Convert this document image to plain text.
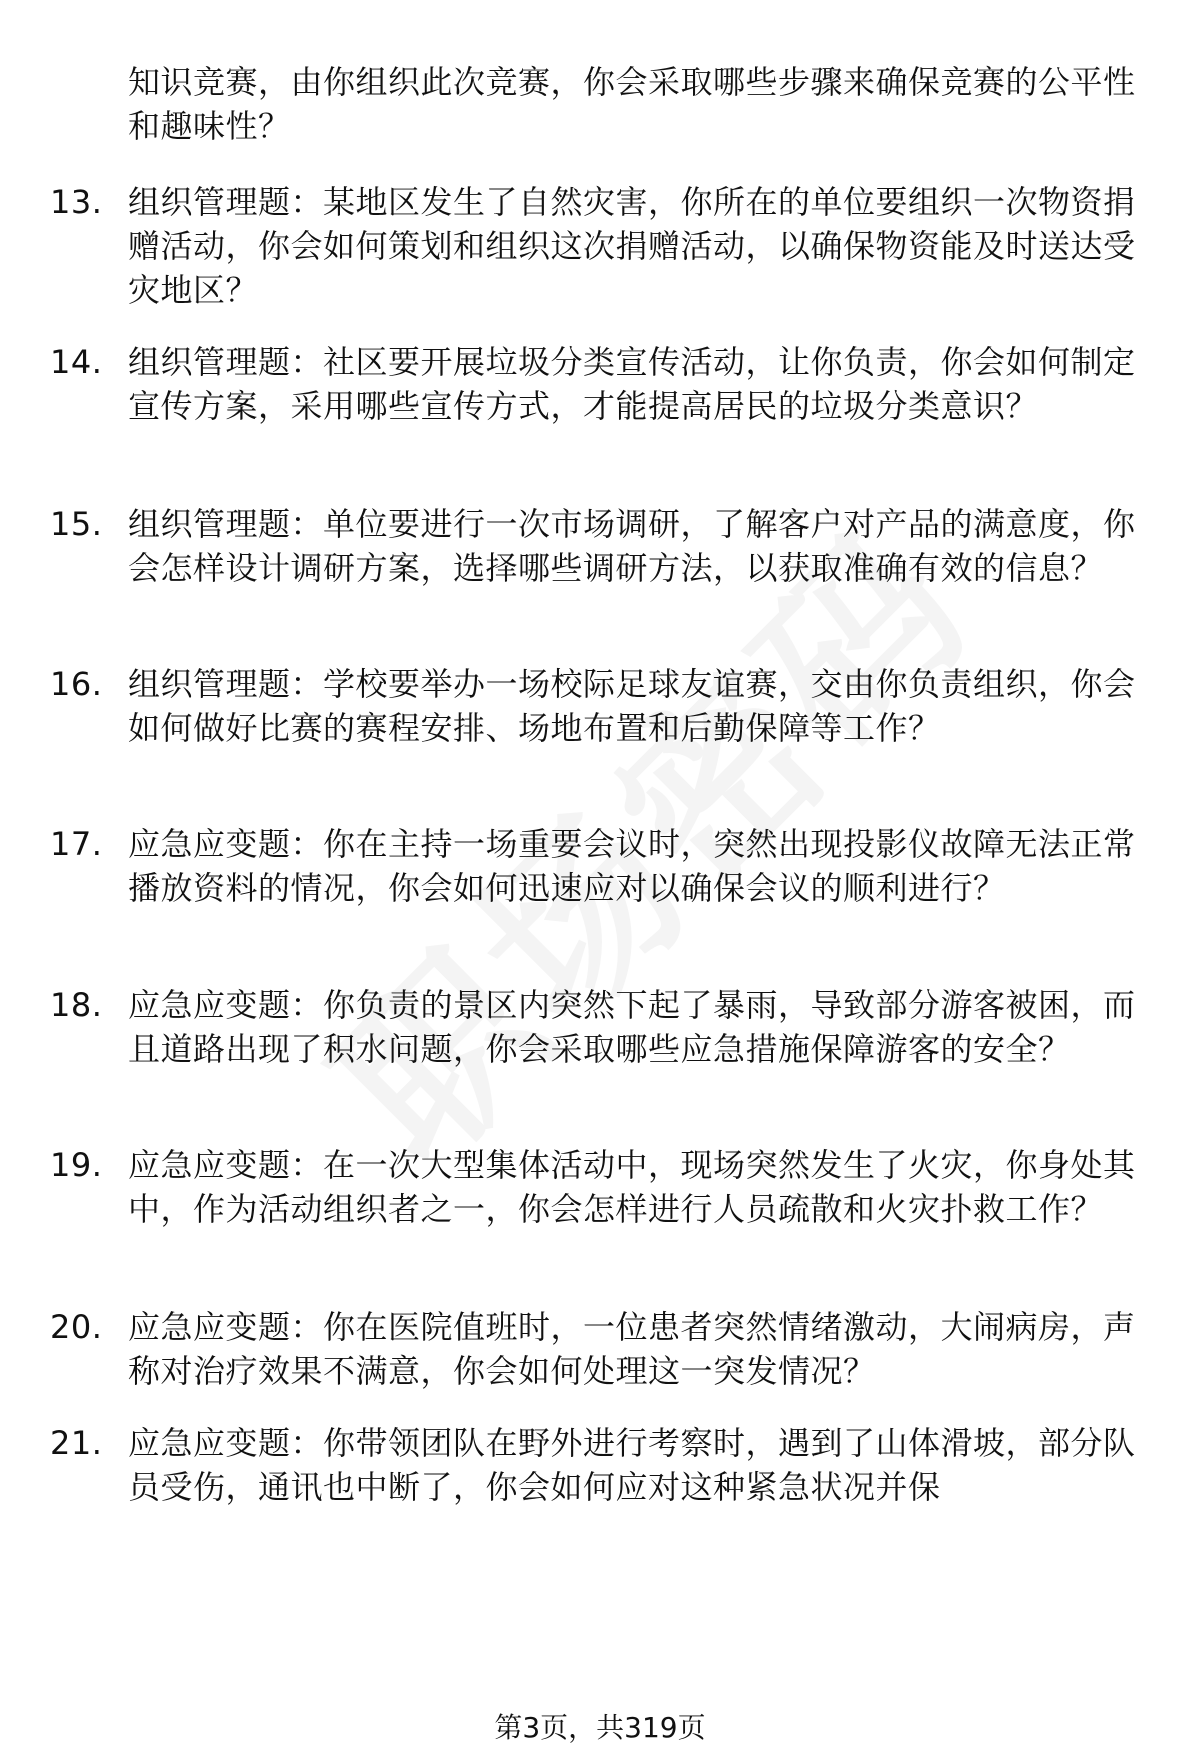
知识竞赛，由你组织此次竞赛，你会采取哪些步骤来确保竞赛的公平性和趣味性？
13. 组织管理题：某地区发生了自然灾害，你所在的单位要组织一次物资捐赠活动，你会如何策划和组织这次捐赠活动，以确保物资能及时送达受灾地区？
14. 组织管理题：社区要开展垃圾分类宣传活动，让你负责，你会如何制定宣传方案，采用哪些宣传方式，才能提高居民的垃圾分类意识？
15. 组织管理题：单位要进行一次市场调研，了解客户对产品的满意度，你会怎样设计调研方案，选择哪些调研方法，以获取准确有效的信息？
16. 组织管理题：学校要举办一场校际足球友谊赛，交由你负责组织，你会如何做好比赛的赛程安排、场地布置和后勤保障等工作？
17. 应急应变题：你在主持一场重要会议时，突然出现投影仪故障无法正常播放资料的情况，你会如何迅速应对以确保会议的顺利进行？
18. 应急应变题：你负责的景区内突然下起了暴雨，导致部分游客被困，而且道路出现了积水问题，你会采取哪些应急措施保障游客的安全？
19. 应急应变题：在一次大型集体活动中，现场突然发生了火灾，你身处其中，作为活动组织者之一，你会怎样进行人员疏散和火灾扑救工作？
20. 应急应变题：你在医院值班时，一位患者突然情绪激动，大闹病房，声称对治疗效果不满意，你会如何处理这一突发情况？
21. 应急应变题：你带领团队在野外进行考察时，遇到了山体滑坡，部分队员受伤，通讯也中断了，你会如何应对这种紧急状况并保
第3页，共319页
